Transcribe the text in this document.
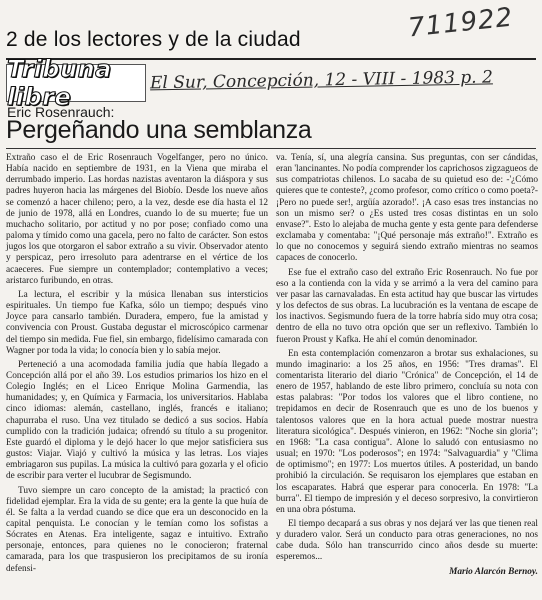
2 de los lectores y de la ciudad	711922
Tribuna libre
El Sur, Concepción, 12 - VIII - 1983 p. 2
Eric Rosenrauch:
Pergeñando una semblanza

Extraño caso el de Eric Rosenrauch Vogelfanger, pero no único. Había nacido en septiembre de 1931, en la Viena que miraba el derrumbado imperio. Las hordas nazistas aventaron la diáspora y sus padres huyeron hacia las márgenes del Biobío. Desde los nueve años se comenzó a hacer chileno; pero, a la vez, desde ese día hasta el 12 de junio de 1978, allá en Londres, cuando lo de su muerte; fue un muchacho solitario, por actitud y no por pose; confiado como una paloma y tímido como una gacela, pero no falto de carácter. Son estos jugos los que otorgaron el sabor extraño a su vivir. Observador atento y perspicaz, pero irresoluto para adentrarse en el vértice de los acaeceres. Fue siempre un contemplador; contemplativo a veces; aristarco furibundo, en otras.

La lectura, el escribir y la música llenaban sus intersticios espirituales. Un tiempo fue Kafka, sólo un tiempo; después vino Joyce para cansarlo también. Duradera, empero, fue la amistad y convivencia con Proust. Gustaba degustar el microscópico carmenar del tiempo sin medida. Fue fiel, sin embargo, fidelísimo camarada con Wagner por toda la vida; lo conocía bien y lo sabía mejor.

Perteneció a una acomodada familia judía que había llegado a Concepción allá por el año 39. Los estudios primarios los hizo en el Colegio Inglés; en el Liceo Enrique Molina Garmendia, las humanidades; y, en Química y Farmacia, los universitarios. Hablaba cinco idiomas: alemán, castellano, inglés, francés e italiano; chapurraba el ruso. Una vez titulado se dedicó a sus socios. Había cumplido con la tradición judaica; ofrendó su título a su progenitor. Este guardó el diploma y le dejó hacer lo que mejor satisficiera sus gustos: Viajar. Viajó y cultivó la música y las letras. Los viajes embriagaron sus pupilas. La música la cultivó para gozarla y el oficio de escribir para verter el lucubrar de Segismundo.

Tuvo siempre un caro concepto de la amistad; la practicó con fidelidad ejemplar. Era la vida de su gente; era la gente la que huía de él. Se falta a la verdad cuando se dice que era un desconocido en la capital penquista. Le conocían y le temían como los sofistas a Sócrates en Atenas. Era inteligente, sagaz e intuitivo. Extraño personaje, entonces, para quienes no le conocieron; fraternal camarada, para los que traspusieron los precipitamos de su ironía defensi-

va. Tenía, sí, una alegría cansina. Sus preguntas, con ser cándidas, eran 'lancinantes. No podía comprender los caprichosos zigzagueos de sus compatriotas chilenos. Lo sacaba de su quietud eso de: -'¿Cómo quieres que te conteste?, ¿como profesor, como crítico o como poeta?- ¡Pero no puede ser!, argüía azorado!'. ¡A caso esas tres instancias no son un mismo ser? o ¿Es usted tres cosas distintas en un solo envase?''. Esto lo alejaba de mucha gente y esta gente para defenderse exclamaba y comentaba: "¡Qué personaje más extraño!". Extraño es lo que no conocemos y seguirá siendo extraño mientras no seamos capaces de conocerlo.

Ese fue el extraño caso del extraño Eric Rosenrauch. No fue por eso a la contienda con la vida y se arrimó a la vera del camino para ver pasar las carnavaladas. En esta actitud hay que buscar las virtudes y los defectos de sus obras. La lucubración es la ventana de escape de los inactivos. Segismundo fuera de la torre habría sido muy otra cosa; dentro de ella no tuvo otra opción que ser un reflexivo. También lo fueron Proust y Kafka. He ahí el común denominador.

En esta contemplación comenzaron a brotar sus exhalaciones, su mundo imaginario: a los 25 años, en 1956: "Tres dramas". El comentarista literario del diario "Crónica" de Concepción, el 14 de enero de 1957, hablando de este libro primero, concluía su nota con estas palabras: "Por todos los valores que el libro contiene, no trepidamos en decir de Rosenrauch que es uno de los buenos y talentosos valores que en la hora actual puede mostrar nuestra literatura sicológica". Después vinieron, en 1962: "Noche sin gloria"; en 1968: "La casa contigua". Alone lo saludó con entusiasmo no usual; en 1970: "Los poderosos"; en 1974: "Salvaguardia" y "Clima de optimismo"; en 1977: Los muertos útiles. A posteridad, un bando prohibió la circulación. Se requisaron los ejemplares que estaban en los escaparates. Habrá que esperar para conocerla. En 1978: "La burra". El tiempo de impresión y el deceso sorpresivo, la convirtieron en una obra póstuma.

El tiempo decapará a sus obras y nos dejará ver las que tienen real y duradero valor. Será un conducto para otras generaciones, no nos cabe duda. Sólo han transcurrido cinco años desde su muerte: esperemos...

Mario Alarcón Bernoy.
